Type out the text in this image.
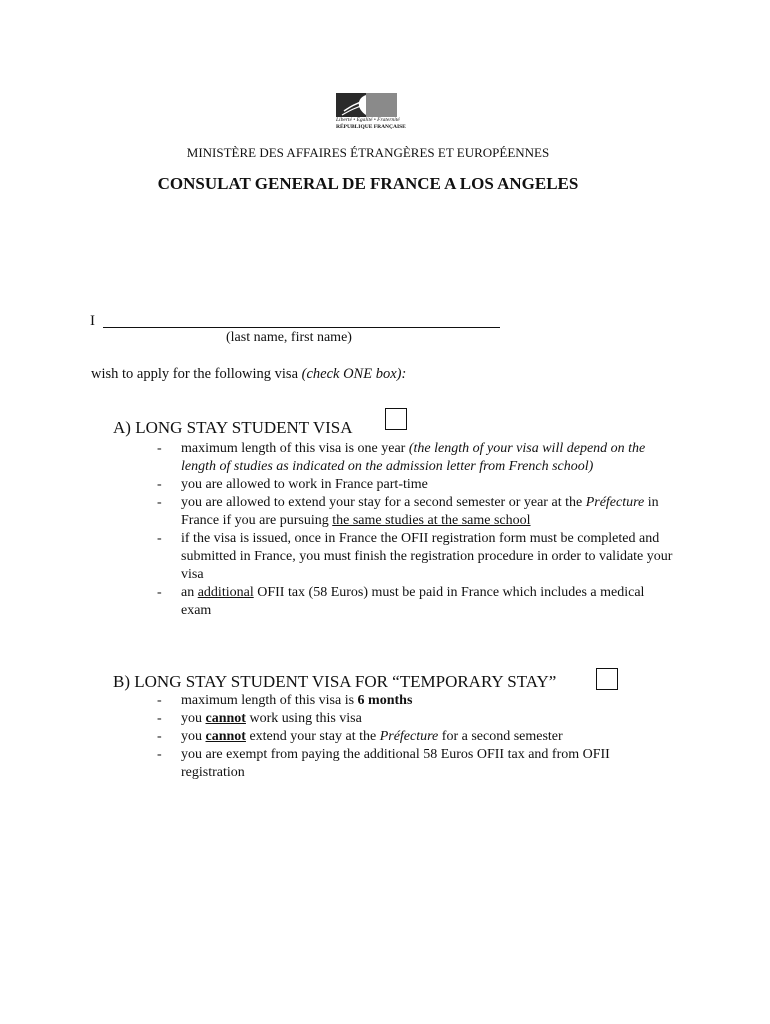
Liberté • Égalité • Fraternité
RÉPUBLIQUE FRANÇAISE
MINISTÈRE DES AFFAIRES ÉTRANGÈRES ET EUROPÉENNES
CONSULAT GENERAL DE FRANCE A LOS ANGELES
I
(last name, first name)
wish to apply for the following visa (check ONE box):
A) LONG STAY STUDENT VISA
- maximum length of this visa is one year (the length of your visa will depend on the length of studies as indicated on the admission letter from French school)
- you are allowed to work in France part-time
- you are allowed to extend your stay for a second semester or year at the Préfecture in France if you are pursuing the same studies at the same school
- if the visa is issued, once in France the OFII registration form must be completed and submitted in France, you must finish the registration procedure in order to validate your visa
- an additional OFII tax (58 Euros) must be paid in France which includes a medical exam
B) LONG STAY STUDENT VISA FOR “TEMPORARY STAY”
- maximum length of this visa is 6 months
- you cannot work using this visa
- you cannot extend your stay at the Préfecture for a second semester
- you are exempt from paying the additional 58 Euros OFII tax and from OFII registration
